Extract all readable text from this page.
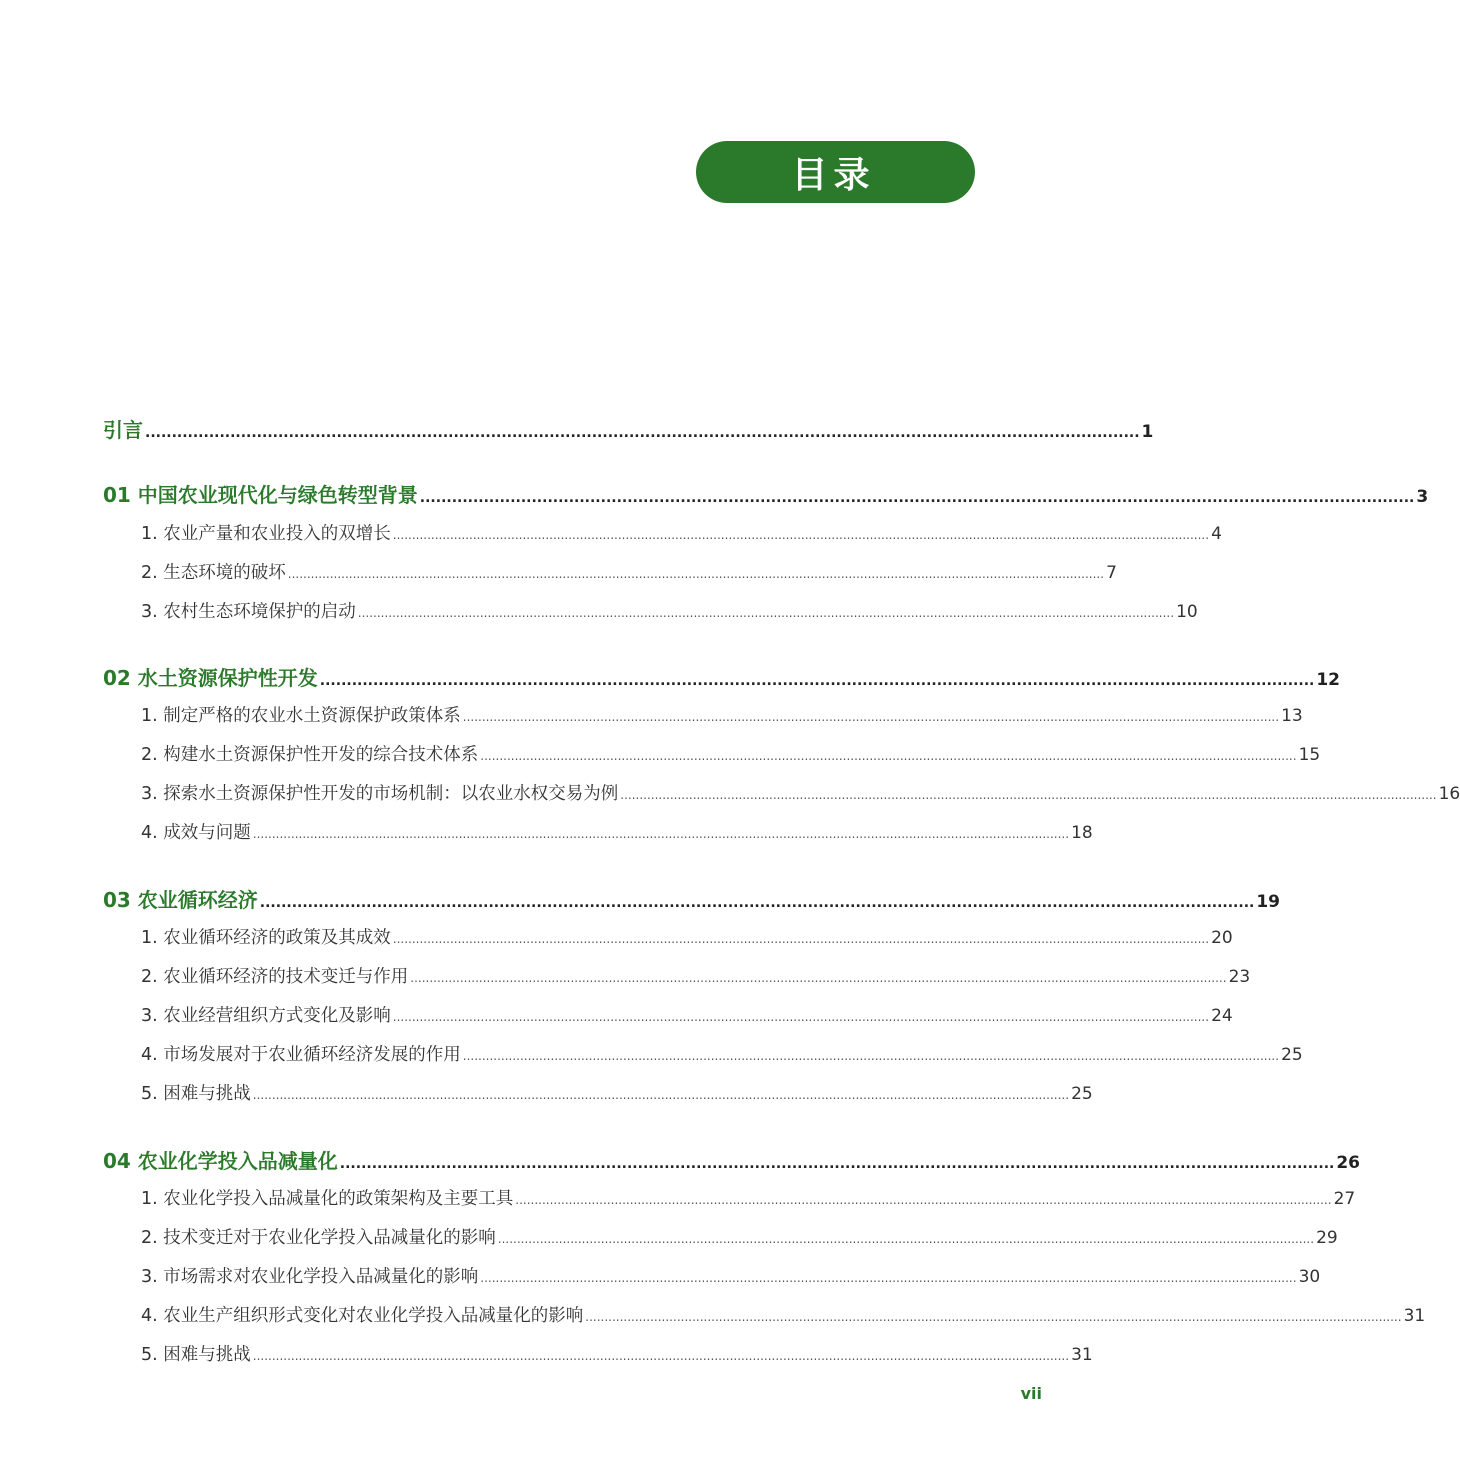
目录
引言 ........................................................................................................................................................................................... 1
01 中国农业现代化与绿色转型背景 ........................................................................................................................................................................................... 3
1. 农业产量和农业投入的双增长 ...................................................................................................................................................................................................................... 4
2. 生态环境的破坏 ...................................................................................................................................................................................................................... 7
3. 农村生态环境保护的启动 ...................................................................................................................................................................................................................... 10
02 水土资源保护性开发 ........................................................................................................................................................................................... 12
1. 制定严格的农业水土资源保护政策体系 ...................................................................................................................................................................................................................... 13
2. 构建水土资源保护性开发的综合技术体系 ...................................................................................................................................................................................................................... 15
3. 探索水土资源保护性开发的市场机制：以农业水权交易为例 ...................................................................................................................................................................................................................... 16
4. 成效与问题 ...................................................................................................................................................................................................................... 18
03 农业循环经济 ........................................................................................................................................................................................... 19
1. 农业循环经济的政策及其成效 ...................................................................................................................................................................................................................... 20
2. 农业循环经济的技术变迁与作用 ...................................................................................................................................................................................................................... 23
3. 农业经营组织方式变化及影响 ...................................................................................................................................................................................................................... 24
4. 市场发展对于农业循环经济发展的作用 ...................................................................................................................................................................................................................... 25
5. 困难与挑战 ...................................................................................................................................................................................................................... 25
04 农业化学投入品减量化 ........................................................................................................................................................................................... 26
1. 农业化学投入品减量化的政策架构及主要工具 ...................................................................................................................................................................................................................... 27
2. 技术变迁对于农业化学投入品减量化的影响 ...................................................................................................................................................................................................................... 29
3. 市场需求对农业化学投入品减量化的影响 ...................................................................................................................................................................................................................... 30
4. 农业生产组织形式变化对农业化学投入品减量化的影响 ...................................................................................................................................................................................................................... 31
5. 困难与挑战 ...................................................................................................................................................................................................................... 31
vii
